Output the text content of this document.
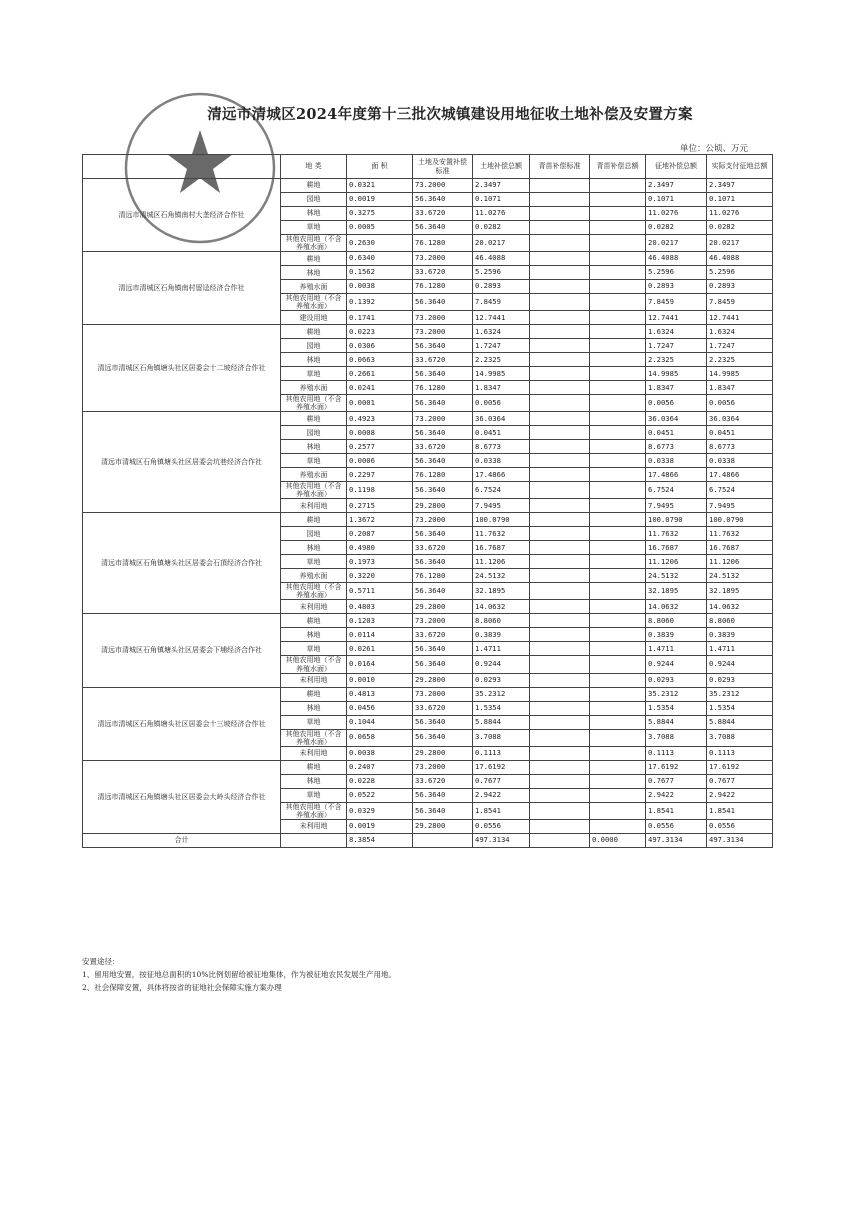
清远市清城区2024年度第十三批次城镇建设用地征收土地补偿及安置方案
单位：公顷、万元
	地 类	面 积	土地及安置补偿标准	土地补偿总额	青苗补偿标准	青苗补偿总额	征地补偿总额	实际支付征地总额
清远市清城区石角镇南村大垄经济合作社	耕地	0.0321	73.2000	2.3497			2.3497	2.3497
	园地	0.0019	56.3640	0.1071			0.1071	0.1071
	林地	0.3275	33.6720	11.0276			11.0276	11.0276
	草地	0.0005	56.3640	0.0282			0.0282	0.0282
	其他农用地（不含养殖水面）	0.2630	76.1280	20.0217			20.0217	20.0217
清远市清城区石角镇南村留迳经济合作社	耕地	0.6340	73.2000	46.4088			46.4088	46.4088
	林地	0.1562	33.6720	5.2596			5.2596	5.2596
	养殖水面	0.0038	76.1280	0.2893			0.2893	0.2893
	其他农用地（不含养殖水面）	0.1392	56.3640	7.8459			7.8459	7.8459
	建设用地	0.1741	73.2000	12.7441			12.7441	12.7441
清远市清城区石角镇塘头社区居委会十二坡经济合作社	耕地	0.0223	73.2000	1.6324			1.6324	1.6324
	园地	0.0306	56.3640	1.7247			1.7247	1.7247
	林地	0.0663	33.6720	2.2325			2.2325	2.2325
	草地	0.2661	56.3640	14.9985			14.9985	14.9985
	养殖水面	0.0241	76.1280	1.8347			1.8347	1.8347
	其他农用地（不含养殖水面）	0.0001	56.3640	0.0056			0.0056	0.0056
清远市清城区石角镇塘头社区居委会坑巷经济合作社	耕地	0.4923	73.2000	36.0364			36.0364	36.0364
	园地	0.0008	56.3640	0.0451			0.0451	0.0451
	林地	0.2577	33.6720	8.6773			8.6773	8.6773
	草地	0.0006	56.3640	0.0338			0.0338	0.0338
	养殖水面	0.2297	76.1280	17.4866			17.4866	17.4866
	其他农用地（不含养殖水面）	0.1198	56.3640	6.7524			6.7524	6.7524
	未利用地	0.2715	29.2800	7.9495			7.9495	7.9495
清远市清城区石角镇塘头社区居委会石頂经济合作社	耕地	1.3672	73.2000	100.0790			100.0790	100.0790
	园地	0.2087	56.3640	11.7632			11.7632	11.7632
	林地	0.4980	33.6720	16.7687			16.7687	16.7687
	草地	0.1973	56.3640	11.1206			11.1206	11.1206
	养殖水面	0.3220	76.1280	24.5132			24.5132	24.5132
	其他农用地（不含养殖水面）	0.5711	56.3640	32.1895			32.1895	32.1895
	未利用地	0.4803	29.2800	14.0632			14.0632	14.0632
清远市清城区石角镇塘头社区居委会下埔经济合作社	耕地	0.1203	73.2000	8.8060			8.8060	8.8060
	林地	0.0114	33.6720	0.3839			0.3839	0.3839
	草地	0.0261	56.3640	1.4711			1.4711	1.4711
	其他农用地（不含养殖水面）	0.0164	56.3640	0.9244			0.9244	0.9244
	未利用地	0.0010	29.2800	0.0293			0.0293	0.0293
清远市清城区石角镇塘头社区居委会十三坡经济合作社	耕地	0.4813	73.2000	35.2312			35.2312	35.2312
	林地	0.0456	33.6720	1.5354			1.5354	1.5354
	草地	0.1044	56.3640	5.8844			5.8844	5.8844
	其他农用地（不含养殖水面）	0.0658	56.3640	3.7088			3.7088	3.7088
	未利用地	0.0038	29.2800	0.1113			0.1113	0.1113
清远市清城区石角镇塘头社区居委会大岭头经济合作社	耕地	0.2407	73.2000	17.6192			17.6192	17.6192
	林地	0.0228	33.6720	0.7677			0.7677	0.7677
	草地	0.0522	56.3640	2.9422			2.9422	2.9422
	其他农用地（不含养殖水面）	0.0329	56.3640	1.8541			1.8541	1.8541
	未利用地	0.0019	29.2800	0.0556			0.0556	0.0556
合计		8.3854		497.3134		0.0000	497.3134	497.3134
安置途径：
1、留用地安置，按征地总面积的10%比例划留给被征地集体，作为被征地农民发展生产用地。
2、社会保障安置，具体将按省的征地社会保障实施方案办理
